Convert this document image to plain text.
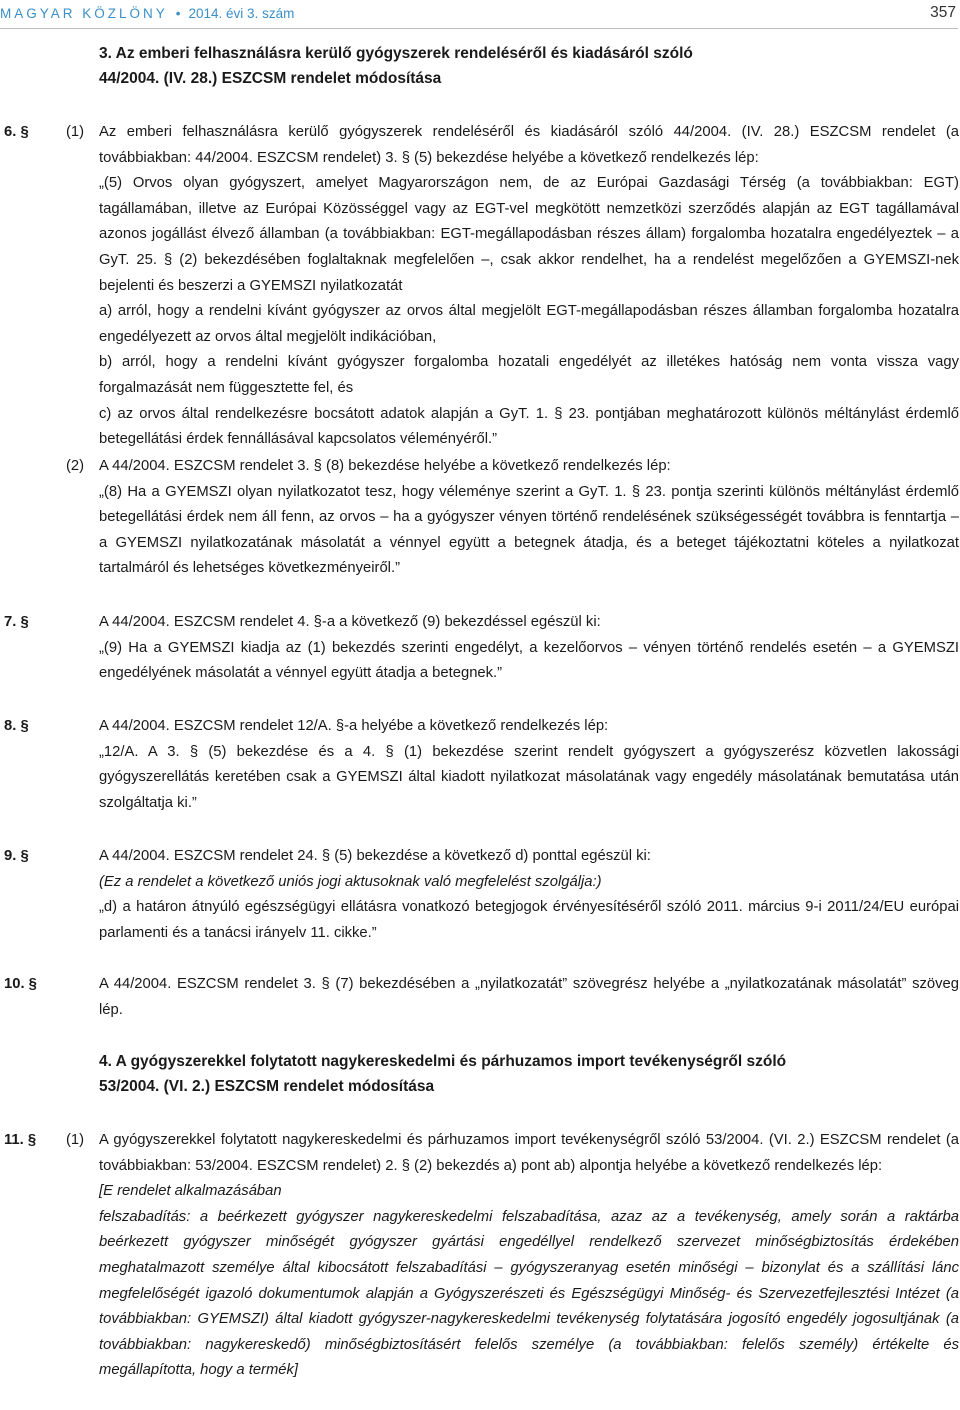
MAGYAR KÖZLÖNY • 2014. évi 3. szám	357
3. Az emberi felhasználásra kerülő gyógyszerek rendeléséről és kiadásáról szóló
44/2004. (IV. 28.) ESZCSM rendelet módosítása
6. §	(1) Az emberi felhasználásra kerülő gyógyszerek rendeléséről és kiadásáról szóló 44/2004. (IV. 28.) ESZCSM rendelet (a továbbiakban: 44/2004. ESZCSM rendelet) 3. § (5) bekezdése helyébe a következő rendelkezés lép:
„(5) Orvos olyan gyógyszert, amelyet Magyarországon nem, de az Európai Gazdasági Térség (a továbbiakban: EGT) tagállamában, illetve az Európai Közösséggel vagy az EGT-vel megkötött nemzetközi szerződés alapján az EGT tagállamával azonos jogállást élvező államban (a továbbiakban: EGT-megállapodásban részes állam) forgalomba hozatalra engedélyeztek – a GyT. 25. § (2) bekezdésében foglaltaknak megfelelően –, csak akkor rendelhet, ha a rendelést megelőzően a GYEMSZI-nek bejelenti és beszerzi a GYEMSZI nyilatkozatát
a) arról, hogy a rendelni kívánt gyógyszer az orvos által megjelölt EGT-megállapodásban részes államban forgalomba hozatalra engedélyezett az orvos által megjelölt indikációban,
b) arról, hogy a rendelni kívánt gyógyszer forgalomba hozatali engedélyét az illetékes hatóság nem vonta vissza vagy forgalmazását nem függesztette fel, és
c) az orvos által rendelkezésre bocsátott adatok alapján a GyT. 1. § 23. pontjában meghatározott különös méltánylást érdemlő betegellátási érdek fennállásával kapcsolatos véleményéről.”
(2) A 44/2004. ESZCSM rendelet 3. § (8) bekezdése helyébe a következő rendelkezés lép:
„(8) Ha a GYEMSZI olyan nyilatkozatot tesz, hogy véleménye szerint a GyT. 1. § 23. pontja szerinti különös méltánylást érdemlő betegellátási érdek nem áll fenn, az orvos – ha a gyógyszer vényen történő rendelésének szükségességét továbbra is fenntartja – a GYEMSZI nyilatkozatának másolatát a vénnyel együtt a betegnek átadja, és a beteget tájékoztatni köteles a nyilatkozat tartalmáról és lehetséges következményeiről.”
7. §	A 44/2004. ESZCSM rendelet 4. §-a a következő (9) bekezdéssel egészül ki:
„(9) Ha a GYEMSZI kiadja az (1) bekezdés szerinti engedélyt, a kezelőorvos – vényen történő rendelés esetén – a GYEMSZI engedélyének másolatát a vénnyel együtt átadja a betegnek.”
8. §	A 44/2004. ESZCSM rendelet 12/A. §-a helyébe a következő rendelkezés lép:
„12/A. A 3. § (5) bekezdése és a 4. § (1) bekezdése szerint rendelt gyógyszert a gyógyszerész közvetlen lakossági gyógyszerellátás keretében csak a GYEMSZI által kiadott nyilatkozat másolatának vagy engedély másolatának bemutatása után szolgáltatja ki.”
9. §	A 44/2004. ESZCSM rendelet 24. § (5) bekezdése a következő d) ponttal egészül ki:
(Ez a rendelet a következő uniós jogi aktusoknak való megfelelést szolgálja:)
„d) a határon átnyúló egészségügyi ellátásra vonatkozó betegjogok érvényesítéséről szóló 2011. március 9-i 2011/24/EU európai parlamenti és a tanácsi irányelv 11. cikke.”
10. §	A 44/2004. ESZCSM rendelet 3. § (7) bekezdésében a „nyilatkozatát” szövegrész helyébe a „nyilatkozatának másolatát” szöveg lép.
4. A gyógyszerekkel folytatott nagykereskedelmi és párhuzamos import tevékenységről szóló
53/2004. (VI. 2.) ESZCSM rendelet módosítása
11. § (1) A gyógyszerekkel folytatott nagykereskedelmi és párhuzamos import tevékenységről szóló 53/2004. (VI. 2.) ESZCSM rendelet (a továbbiakban: 53/2004. ESZCSM rendelet) 2. § (2) bekezdés a) pont ab) alpontja helyébe a következő rendelkezés lép:
[E rendelet alkalmazásában
felszabadítás: a beérkezett gyógyszer nagykereskedelmi felszabadítása, azaz az a tevékenység, amely során a raktárba beérkezett gyógyszer minőségét gyógyszer gyártási engedéllyel rendelkező szervezet minőségbiztosítás érdekében meghatalmazott személye által kibocsátott felszabadítási – gyógyszeranyag esetén minőségi – bizonylat és a szállítási lánc megfelelőségét igazoló dokumentumok alapján a Gyógyszerészeti és Egészségügyi Minőség- és Szervezetfejlesztési Intézet (a továbbiakban: GYEMSZI) által kiadott gyógyszer-nagykereskedelmi tevékenység folytatására jogosító engedély jogosultjának (a továbbiakban: nagykereskedő) minőségbiztosításért felelős személye (a továbbiakban: felelős személy) értékelte és megállapította, hogy a termék]
